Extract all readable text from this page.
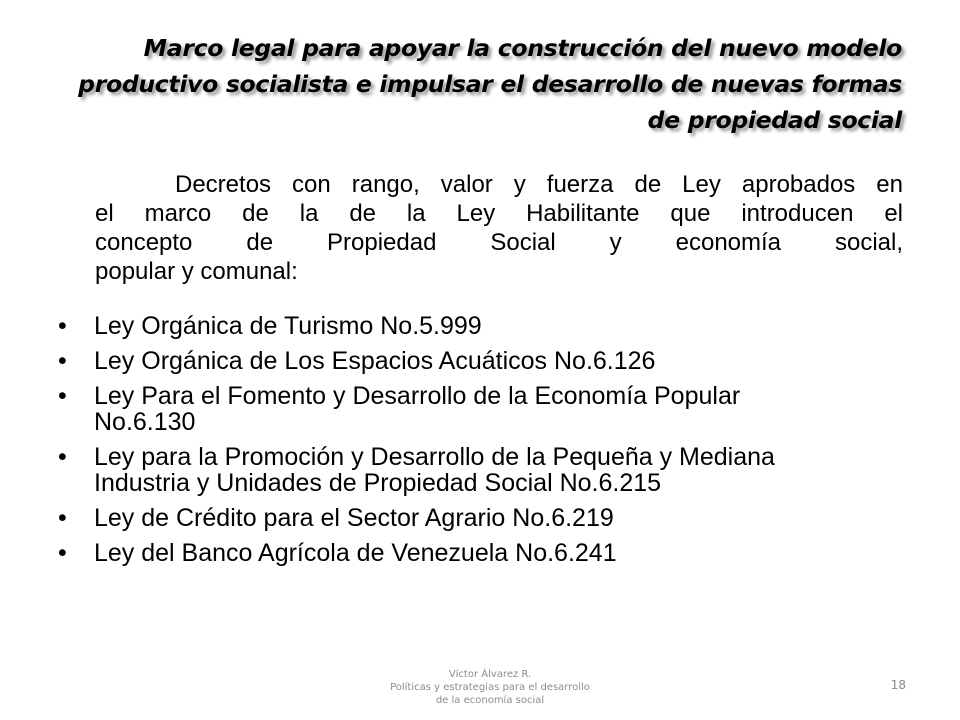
Marco legal para apoyar la construcción del nuevo modelo
productivo socialista e impulsar el desarrollo de nuevas formas
de propiedad social
Decretos con rango, valor y fuerza de Ley aprobados en
el marco de la de la Ley Habilitante que introducen el
concepto de Propiedad Social y economía social,
popular y comunal:
• Ley Orgánica de Turismo No.5.999
• Ley Orgánica de Los Espacios Acuáticos No.6.126
• Ley Para el Fomento y Desarrollo de la Economía Popular No.6.130
• Ley para la Promoción y Desarrollo de la Pequeña y Mediana Industria y Unidades de Propiedad Social No.6.215
• Ley de Crédito para el Sector Agrario No.6.219
• Ley del Banco Agrícola de Venezuela No.6.241
Víctor Álvarez R.
Políticas y estrategias para el desarrollo
de la economía social
18
